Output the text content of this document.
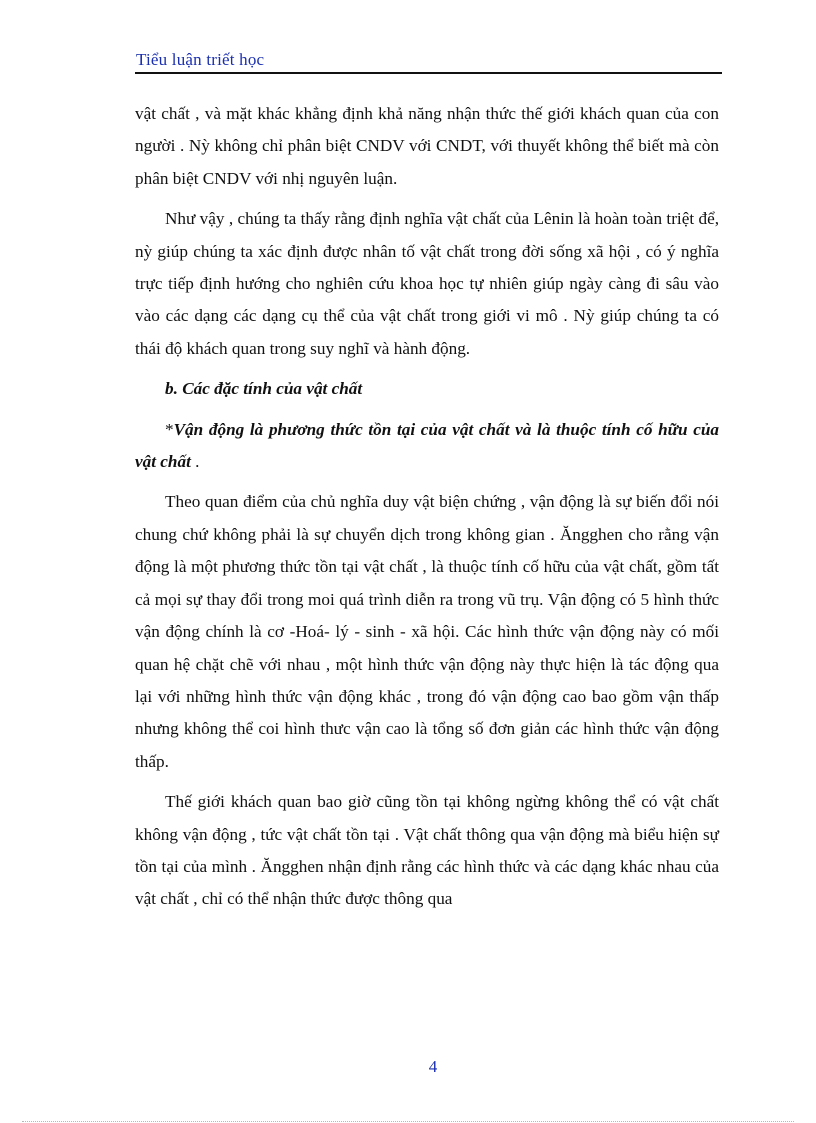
Tiểu luận triết học

vật chất , và mặt khác khẳng định khả năng nhận thức thế giới khách quan của con người . Nỳ không chỉ phân biệt CNDV với CNDT, với thuyết không thể biết mà còn phân biệt CNDV với nhị nguyên luận.

Như vậy , chúng ta thấy rằng định nghĩa vật chất của Lênin là hoàn toàn triệt để, nỳ giúp chúng ta xác định được nhân tố vật chất trong đời sống xã hội , có ý nghĩa trực tiếp định hướng cho nghiên cứu khoa học tự nhiên giúp ngày càng đi sâu vào vào các dạng các dạng cụ thể của vật chất trong giới vi mô . Nỳ giúp chúng ta có thái độ khách quan trong suy nghĩ và hành động.

b. Các đặc tính của vật chất

*Vận động là phương thức tồn tại của vật chất và là thuộc tính cố hữu của vật chất .

Theo quan điểm của chủ nghĩa duy vật biện chứng , vận động là sự biến đổi nói chung chứ không phải là sự chuyển dịch trong không gian . Ăngghen cho rằng vận động là một phương thức tồn tại vật chất , là thuộc tính cố hữu của vật chất, gồm tất cả mọi sự thay đổi trong moi quá trình diễn ra trong vũ trụ. Vận động có 5 hình thức vận động chính là cơ -Hoá- lý - sinh - xã hội. Các hình thức vận động này có mối quan hệ chặt chẽ với nhau , một hình thức vận động này thực hiện là tác động qua lại với những hình thức vận động khác , trong đó vận động cao bao gồm vận thấp nhưng không thể coi hình thưc vận cao là tổng số đơn giản các hình thức vận động thấp.

Thế giới khách quan bao giờ cũng tồn tại không ngừng không thể có vật chất không vận động , tức vật chất tồn tại . Vật chất thông qua vận động mà biểu hiện sự tồn tại của mình . Ăngghen nhận định rằng các hình thức và các dạng khác nhau của vật chất , chỉ có thể nhận thức được thông qua

4
